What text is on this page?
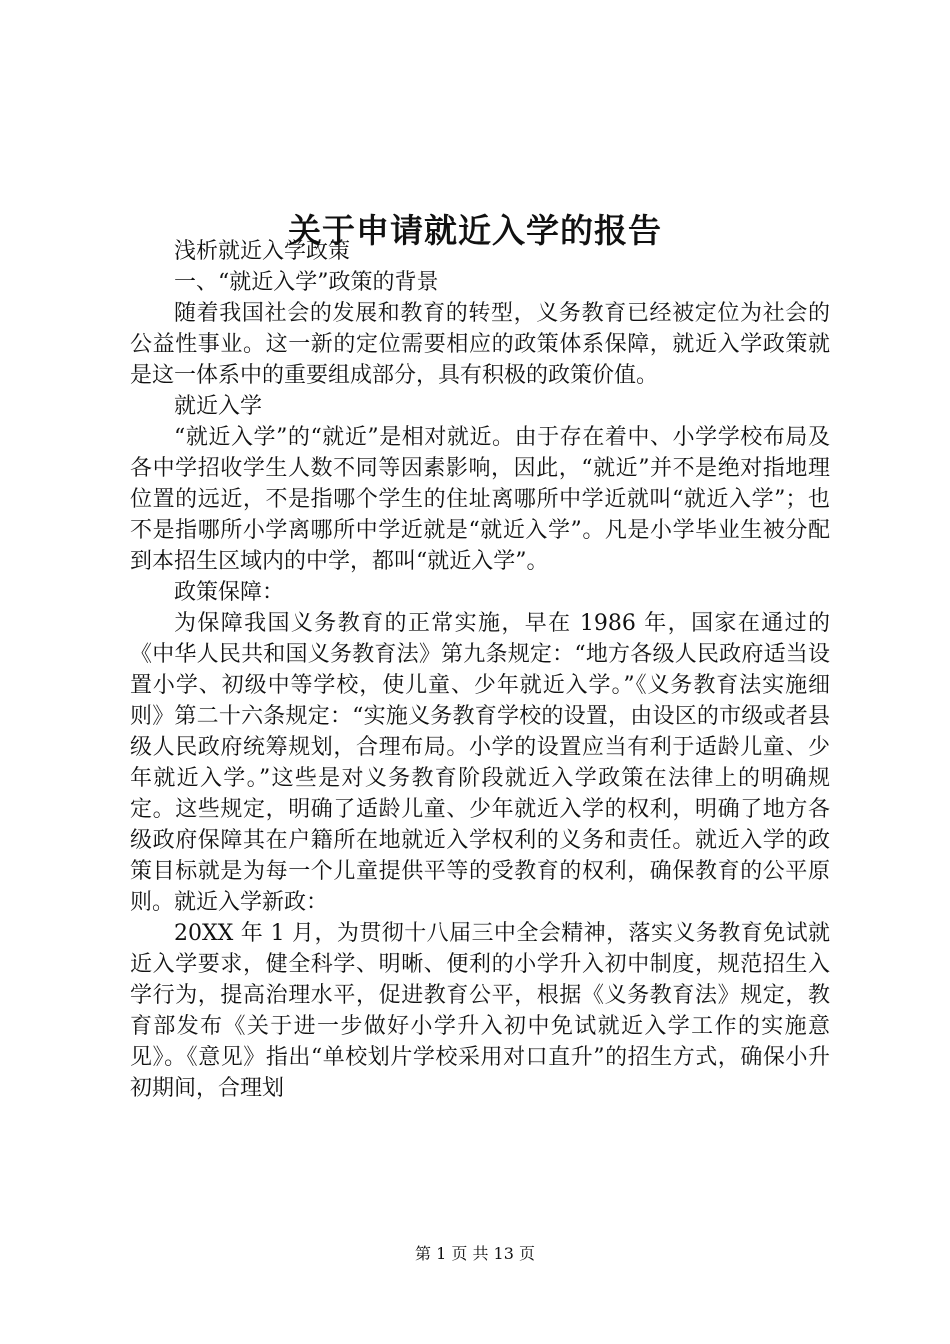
关于申请就近入学的报告

浅析就近入学政策

一、“就近入学”政策的背景

随着我国社会的发展和教育的转型，义务教育已经被定位为社会的公益性事业。这一新的定位需要相应的政策体系保障，就近入学政策就是这一体系中的重要组成部分，具有积极的政策价值。

就近入学

“就近入学”的“就近”是相对就近。由于存在着中、小学学校布局及各中学招收学生人数不同等因素影响，因此，“就近”并不是绝对指地理位置的远近，不是指哪个学生的住址离哪所中学近就叫“就近入学”；也不是指哪所小学离哪所中学近就是“就近入学”。凡是小学毕业生被分配到本招生区域内的中学，都叫“就近入学”。

政策保障：

为保障我国义务教育的正常实施，早在 1986 年，国家在通过的《中华人民共和国义务教育法》第九条规定：“地方各级人民政府适当设置小学、初级中等学校，使儿童、少年就近入学。”《义务教育法实施细则》第二十六条规定：“实施义务教育学校的设置，由设区的市级或者县级人民政府统筹规划，合理布局。小学的设置应当有利于适龄儿童、少年就近入学。”这些是对义务教育阶段就近入学政策在法律上的明确规定。这些规定，明确了适龄儿童、少年就近入学的权利，明确了地方各级政府保障其在户籍所在地就近入学权利的义务和责任。就近入学的政策目标就是为每一个儿童提供平等的受教育的权利，确保教育的公平原则。就近入学新政：

20XX 年 1 月，为贯彻十八届三中全会精神，落实义务教育免试就近入学要求，健全科学、明晰、便利的小学升入初中制度，规范招生入学行为，提高治理水平，促进教育公平，根据《义务教育法》规定，教育部发布《关于进一步做好小学升入初中免试就近入学工作的实施意见》。《意见》指出“单校划片学校采用对口直升”的招生方式，确保小升初期间，合理划

第 1 页 共 13 页
